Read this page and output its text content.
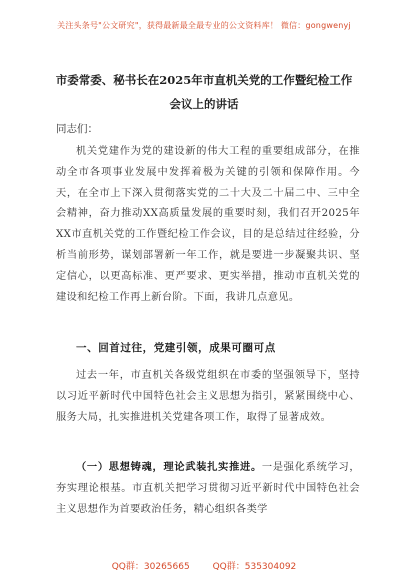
关注头条号"公文研究"，获得最新最全最专业的公文资料库！ 微信：gongwenyj
市委常委、秘书长在2025年市直机关党的工作暨纪检工作
会议上的讲话
同志们：
机关党建作为党的建设新的伟大工程的重要组成部分，在推动全市各项事业发展中发挥着极为关键的引领和保障作用。今天，在全市上下深入贯彻落实党的二十大及二十届二中、三中全会精神，奋力推动XX高质量发展的重要时刻，我们召开2025年XX市直机关党的工作暨纪检工作会议，目的是总结过往经验，分析当前形势，谋划部署新一年工作，就是要进一步凝聚共识、坚定信心，以更高标准、更严要求、更实举措，推动市直机关党的建设和纪检工作再上新台阶。下面，我讲几点意见。
一、回首过往，党建引领，成果可圈可点
过去一年，市直机关各级党组织在市委的坚强领导下，坚持以习近平新时代中国特色社会主义思想为指引，紧紧围绕中心、服务大局，扎实推进机关党建各项工作，取得了显著成效。
（一）思想铸魂，理论武装扎实推进。一是强化系统学习，夯实理论根基。市直机关把学习贯彻习近平新时代中国特色社会主义思想作为首要政治任务，精心组织各类学
QQ群：30265665	QQ群：535304092
